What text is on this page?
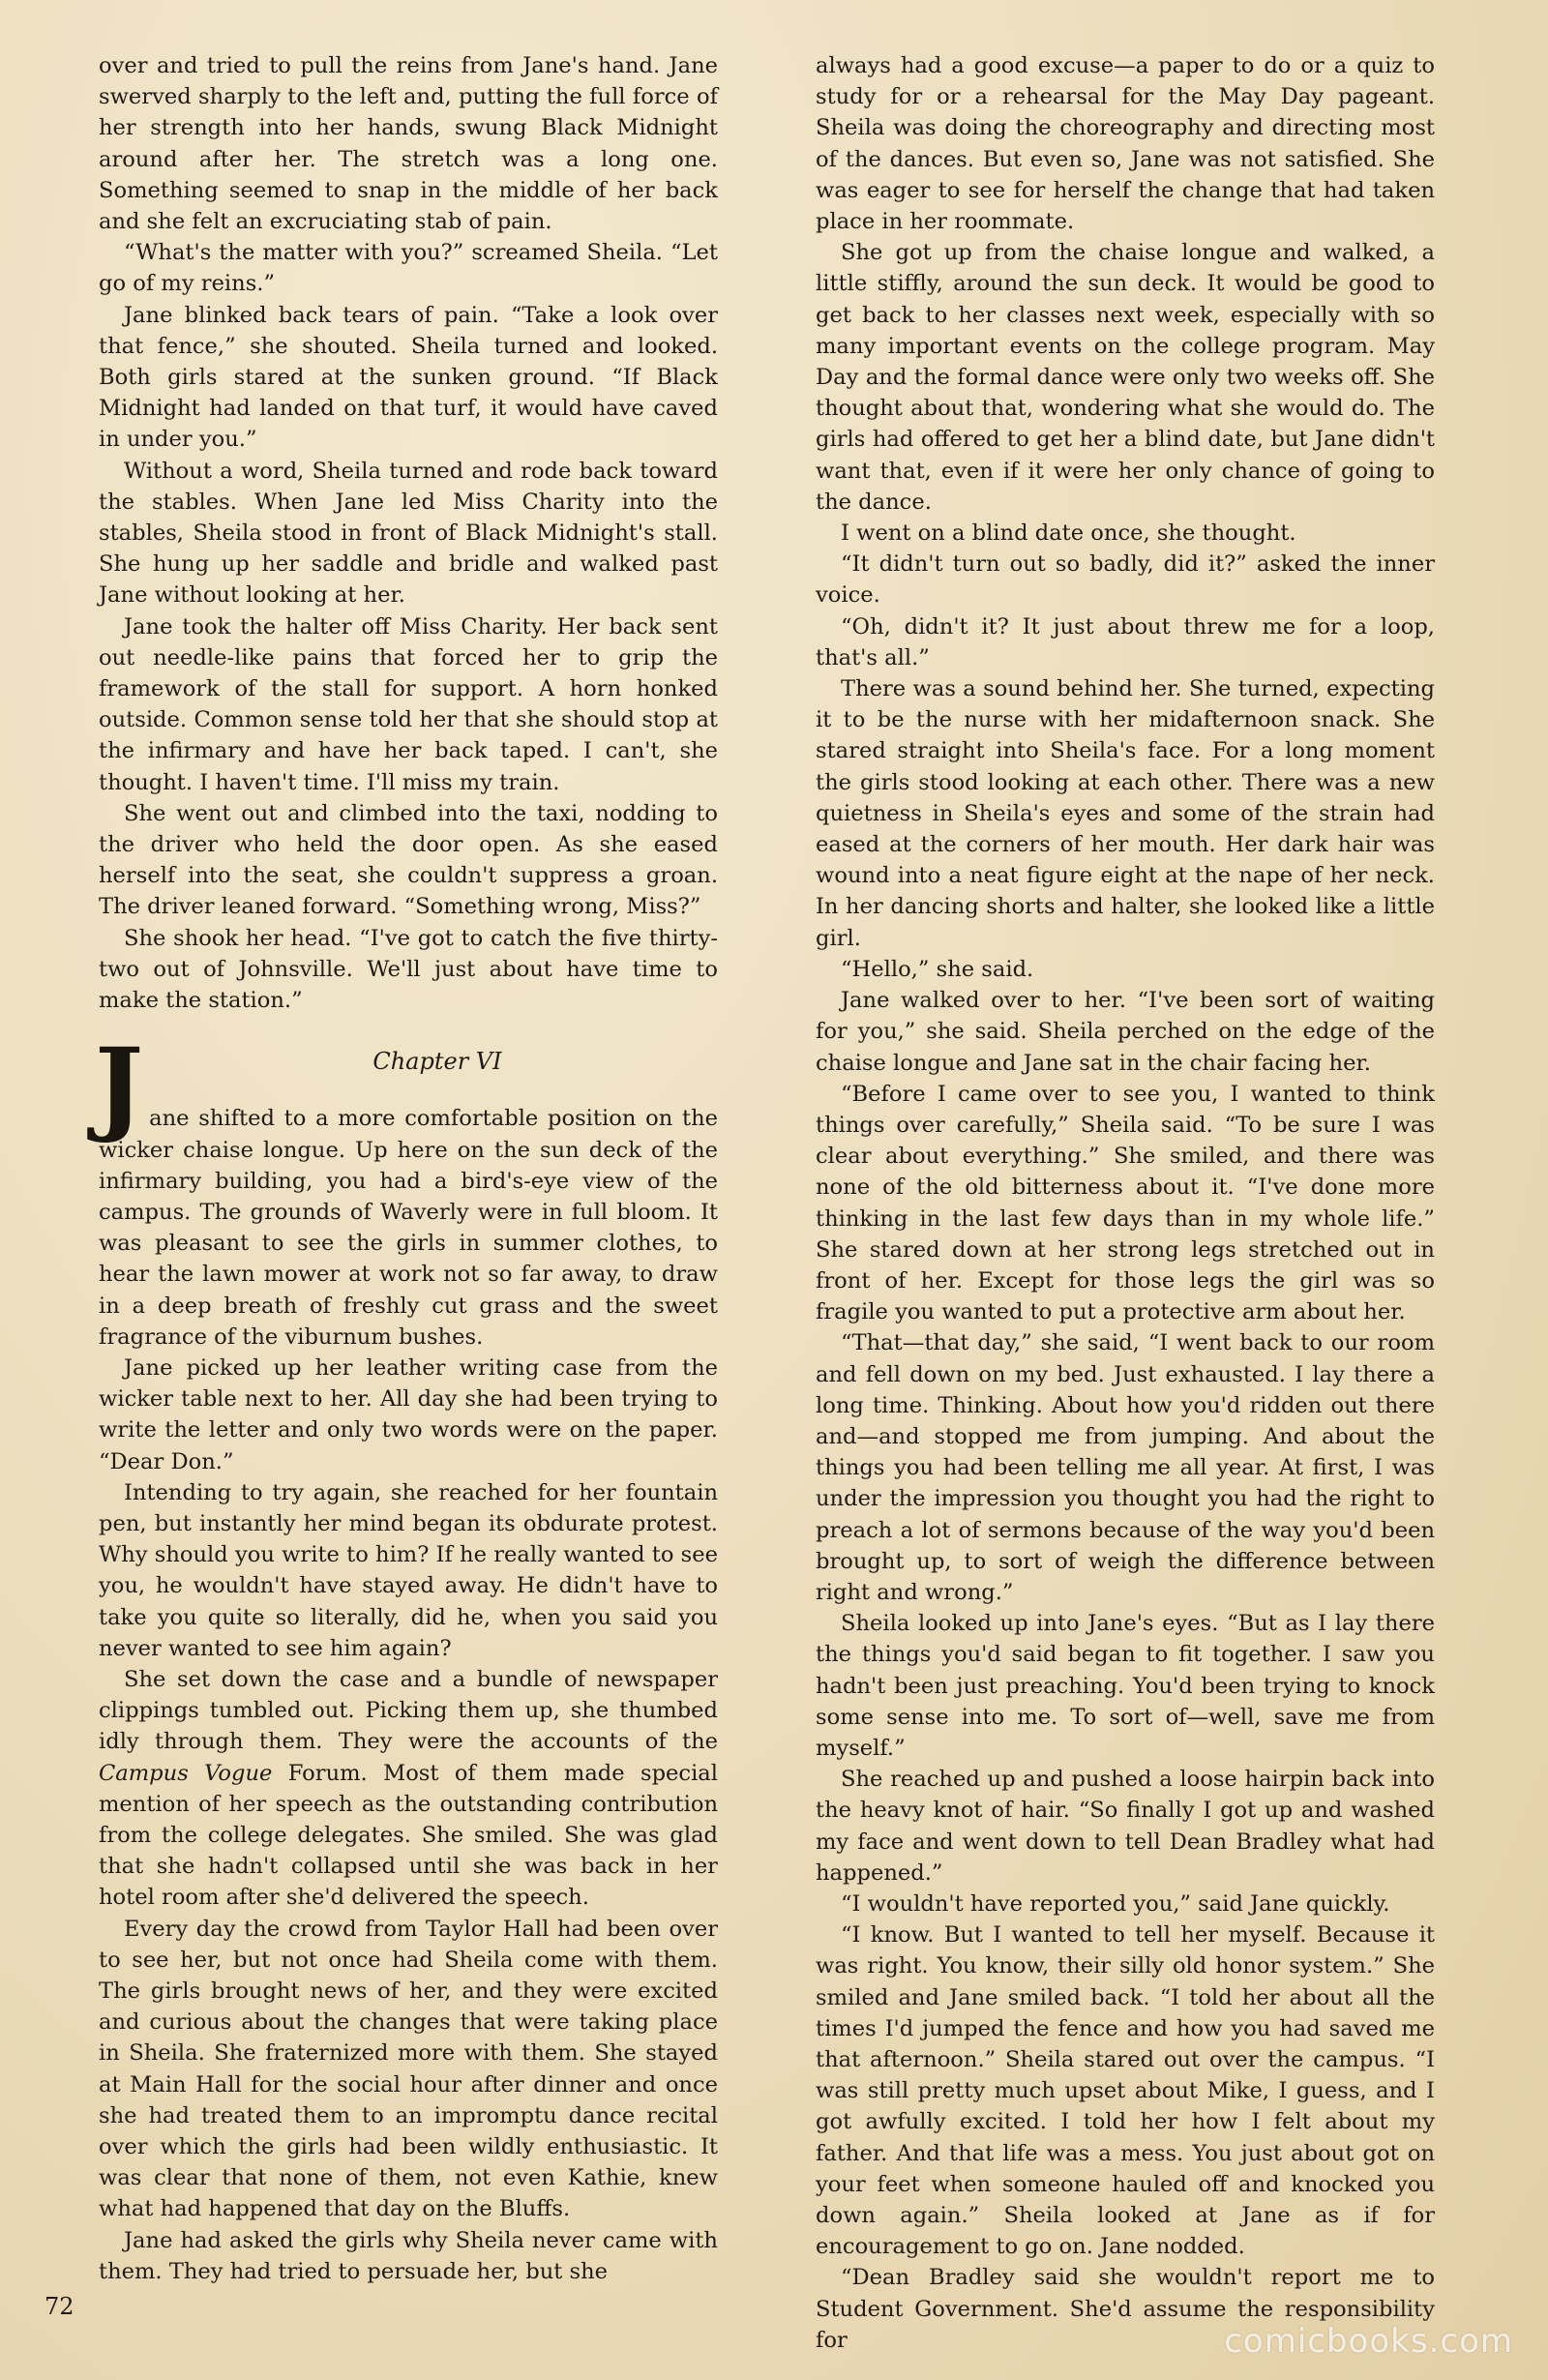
over and tried to pull the reins from Jane's hand. Jane swerved sharply to the left and, putting the full force of her strength into her hands, swung Black Midnight around after her. The stretch was a long one. Something seemed to snap in the middle of her back and she felt an excruciating stab of pain.

“What's the matter with you?” screamed Sheila. “Let go of my reins.”

Jane blinked back tears of pain. “Take a look over that fence,” she shouted. Sheila turned and looked. Both girls stared at the sunken ground. “If Black Midnight had landed on that turf, it would have caved in under you.”

Without a word, Sheila turned and rode back toward the stables. When Jane led Miss Charity into the stables, Sheila stood in front of Black Midnight's stall. She hung up her saddle and bridle and walked past Jane without looking at her.

Jane took the halter off Miss Charity. Her back sent out needle-like pains that forced her to grip the framework of the stall for support. A horn honked outside. Common sense told her that she should stop at the infirmary and have her back taped. I can't, she thought. I haven't time. I'll miss my train.

She went out and climbed into the taxi, nodding to the driver who held the door open. As she eased herself into the seat, she couldn't suppress a groan. The driver leaned forward. “Something wrong, Miss?”

She shook her head. “I've got to catch the five thirty-two out of Johnsville. We'll just about have time to make the station.”

J	Chapter VI

ane shifted to a more comfortable position on the wicker chaise longue. Up here on the sun deck of the infirmary building, you had a bird's-eye view of the campus. The grounds of Waverly were in full bloom. It was pleasant to see the girls in summer clothes, to hear the lawn mower at work not so far away, to draw in a deep breath of freshly cut grass and the sweet fragrance of the viburnum bushes.

Jane picked up her leather writing case from the wicker table next to her. All day she had been trying to write the letter and only two words were on the paper. “Dear Don.”

Intending to try again, she reached for her fountain pen, but instantly her mind began its obdurate protest. Why should you write to him? If he really wanted to see you, he wouldn't have stayed away. He didn't have to take you quite so literally, did he, when you said you never wanted to see him again?

She set down the case and a bundle of newspaper clippings tumbled out. Picking them up, she thumbed idly through them. They were the accounts of the Campus Vogue Forum. Most of them made special mention of her speech as the outstanding contribution from the college delegates. She smiled. She was glad that she hadn't collapsed until she was back in her hotel room after she'd delivered the speech.

Every day the crowd from Taylor Hall had been over to see her, but not once had Sheila come with them. The girls brought news of her, and they were excited and curious about the changes that were taking place in Sheila. She fraternized more with them. She stayed at Main Hall for the social hour after dinner and once she had treated them to an impromptu dance recital over which the girls had been wildly enthusiastic. It was clear that none of them, not even Kathie, knew what had happened that day on the Bluffs.

Jane had asked the girls why Sheila never came with them. They had tried to persuade her, but she

always had a good excuse—a paper to do or a quiz to study for or a rehearsal for the May Day pageant. Sheila was doing the choreography and directing most of the dances. But even so, Jane was not satisfied. She was eager to see for herself the change that had taken place in her roommate.

She got up from the chaise longue and walked, a little stiffly, around the sun deck. It would be good to get back to her classes next week, especially with so many important events on the college program. May Day and the formal dance were only two weeks off. She thought about that, wondering what she would do. The girls had offered to get her a blind date, but Jane didn't want that, even if it were her only chance of going to the dance.

I went on a blind date once, she thought.

“It didn't turn out so badly, did it?” asked the inner voice.

“Oh, didn't it? It just about threw me for a loop, that's all.”

There was a sound behind her. She turned, expecting it to be the nurse with her midafternoon snack. She stared straight into Sheila's face. For a long moment the girls stood looking at each other. There was a new quietness in Sheila's eyes and some of the strain had eased at the corners of her mouth. Her dark hair was wound into a neat figure eight at the nape of her neck. In her dancing shorts and halter, she looked like a little girl.

“Hello,” she said.

Jane walked over to her. “I've been sort of waiting for you,” she said. Sheila perched on the edge of the chaise longue and Jane sat in the chair facing her.

“Before I came over to see you, I wanted to think things over carefully,” Sheila said. “To be sure I was clear about everything.” She smiled, and there was none of the old bitterness about it. “I've done more thinking in the last few days than in my whole life.” She stared down at her strong legs stretched out in front of her. Except for those legs the girl was so fragile you wanted to put a protective arm about her.

“That—that day,” she said, “I went back to our room and fell down on my bed. Just exhausted. I lay there a long time. Thinking. About how you'd ridden out there and—and stopped me from jumping. And about the things you had been telling me all year. At first, I was under the impression you thought you had the right to preach a lot of sermons because of the way you'd been brought up, to sort of weigh the difference between right and wrong.”

Sheila looked up into Jane's eyes. “But as I lay there the things you'd said began to fit together. I saw you hadn't been just preaching. You'd been trying to knock some sense into me. To sort of—well, save me from myself.”

She reached up and pushed a loose hairpin back into the heavy knot of hair. “So finally I got up and washed my face and went down to tell Dean Bradley what had happened.”

“I wouldn't have reported you,” said Jane quickly.

“I know. But I wanted to tell her myself. Because it was right. You know, their silly old honor system.” She smiled and Jane smiled back. “I told her about all the times I'd jumped the fence and how you had saved me that afternoon.” Sheila stared out over the campus. “I was still pretty much upset about Mike, I guess, and I got awfully excited. I told her how I felt about my father. And that life was a mess. You just about got on your feet when someone hauled off and knocked you down again.” Sheila looked at Jane as if for encouragement to go on. Jane nodded.

“Dean Bradley said she wouldn't report me to Student Government. She'd assume the responsibility for

72
comicbooks.com
